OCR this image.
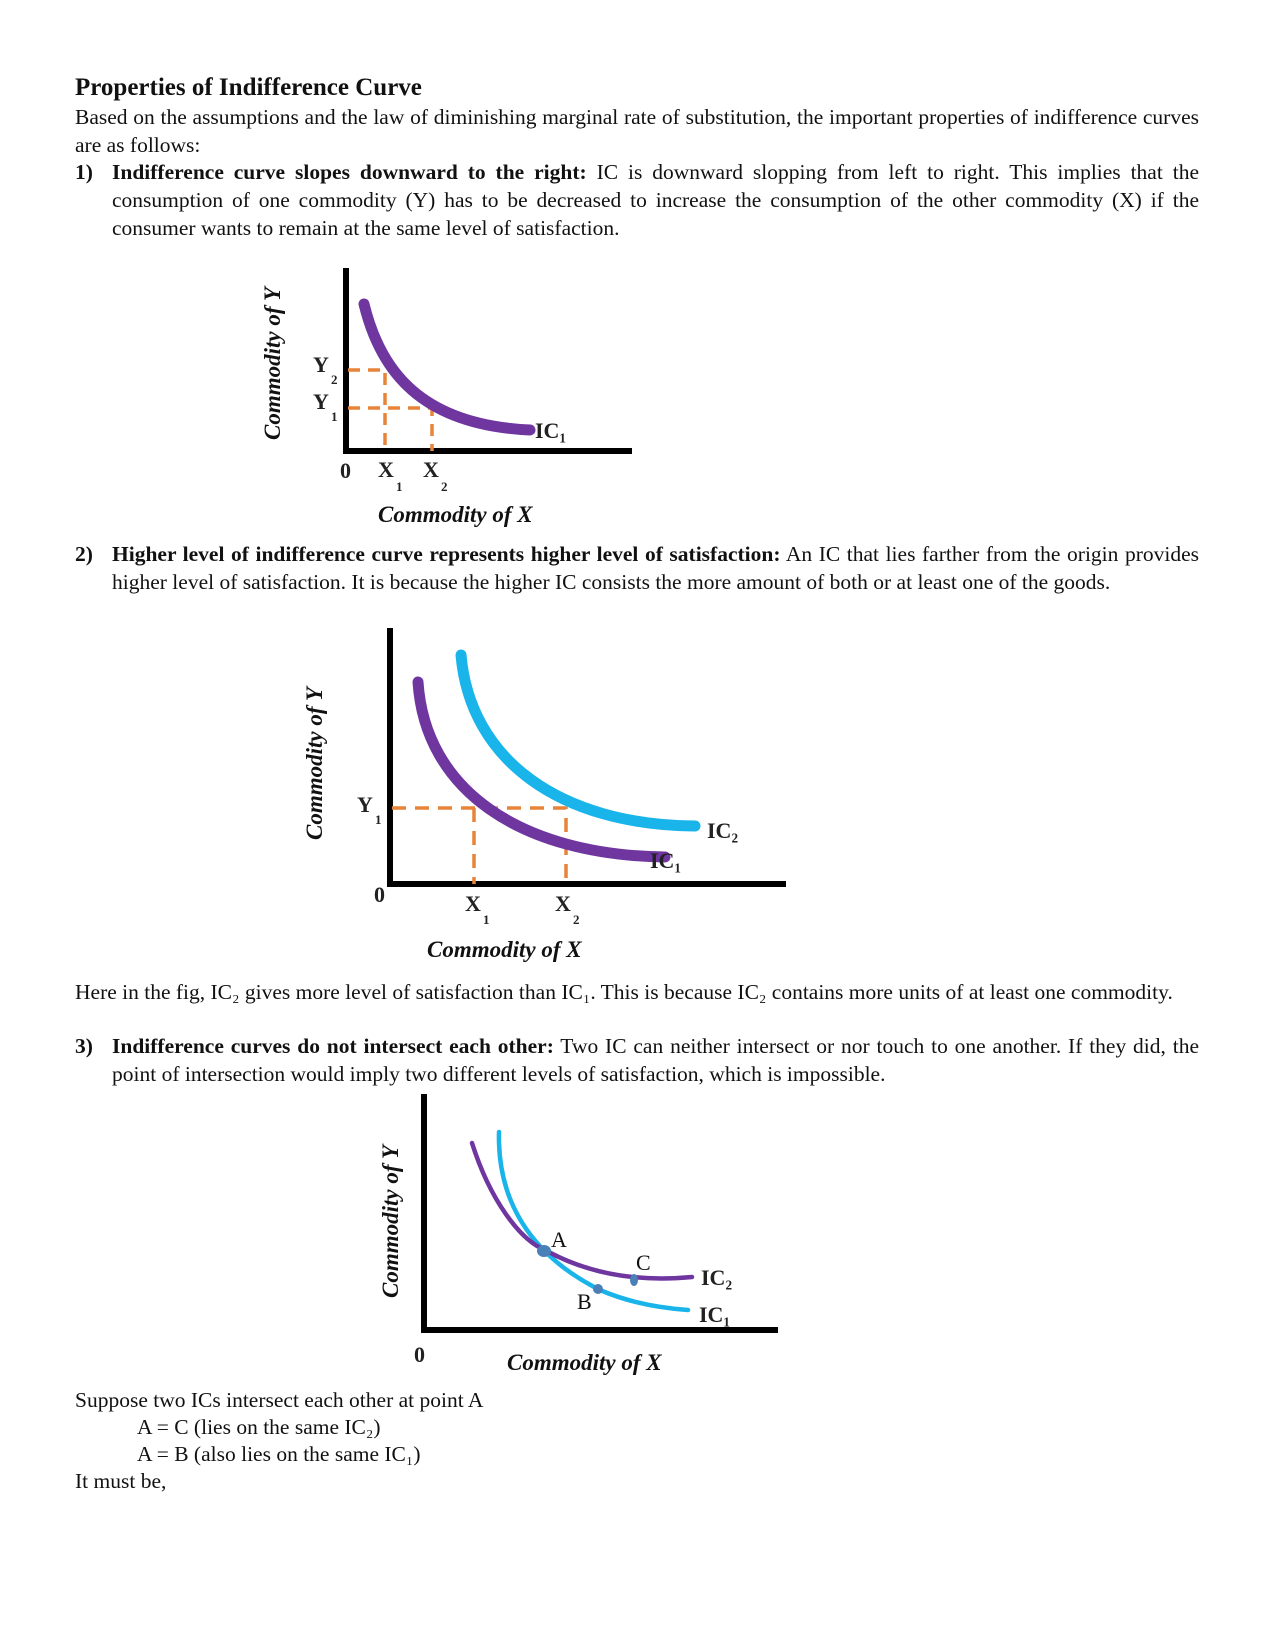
Properties of Indifference Curve

Based on the assumptions and the law of diminishing marginal rate of substitution, the important properties of indifference curves are as follows:

1) Indifference curve slopes downward to the right: IC is downward slopping from left to right. This implies that the consumption of one commodity (Y) has to be decreased to increase the consumption of the other commodity (X) if the consumer wants to remain at the same level of satisfaction.
IC₁
Y
2
Y
1
0 X
1
X
2
Commodity of X
Commodity of Y
2) Higher level of indifference curve represents higher level of satisfaction: An IC that lies farther from the origin provides higher level of satisfaction. It is because the higher IC consists the more amount of both or at least one of the goods.
IC₂
IC₁
Y
1
0	X
1
X
2
Commodity of X
Commodity of Y

Here in the fig, IC₂ gives more level of satisfaction than IC₁. This is because IC₂ contains more units of at least one commodity.

3) Indifference curves do not intersect each other: Two IC can neither intersect or nor touch to one another. If they did, the point of intersection would imply two different levels of satisfaction, which is impossible.
A
B
C
IC₂
IC₁
0	Commodity of X
Commodity of Y

Suppose two ICs intersect each other at point A

A = C (lies on the same IC₂)

A = B (also lies on the same IC₁)

It must be,
